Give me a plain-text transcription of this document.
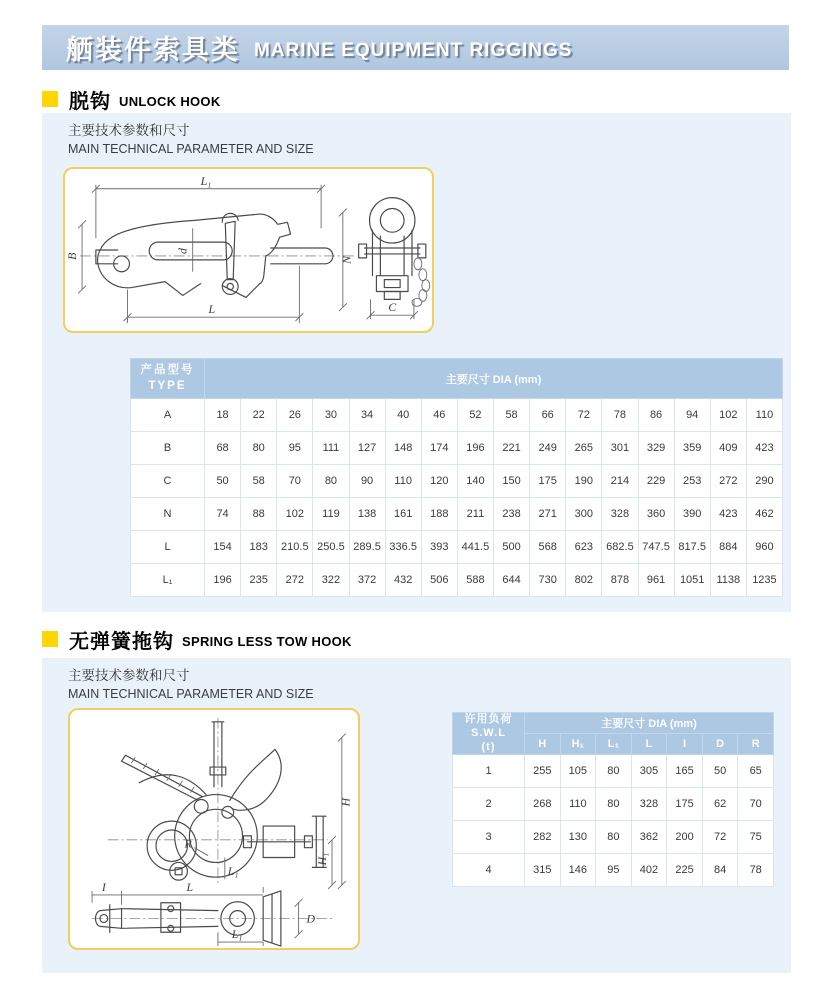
舾装件索具类 MARINE EQUIPMENT RIGGINGS
脱钩 UNLOCK HOOK
主要技术参数和尺寸
MAIN TECHNICAL PARAMETER AND SIZE
L₁
B
d
N
L	C
产品型号
TYPE	主要尺寸 DIA (mm)															
A	18	22	26	30	34	40	46	52	58	66	72	78	86	94	102	110
B	68	80	95	111	127	148	174	196	221	249	265	301	329	359	409	423
C	50	58	70	80	90	110	120	140	150	175	190	214	229	253	272	290
N	74	88	102	119	138	161	188	211	238	271	300	328	360	390	423	462
L	154	183	210.5	250.5	289.5	336.5	393	441.5	500	568	623	682.5	747.5	817.5	884	960
L₁	196	235	272	322	372	432	506	588	644	730	802	878	961	1051	1138	1235
无弹簧拖钩 SPRING LESS TOW HOOK
主要技术参数和尺寸
MAIN TECHNICAL PARAMETER AND SIZE
H
H₁
R
L₁
I	L
D
L₁
许用负荷
S.W.L
(t)	主要尺寸 DIA (mm)						
	H	H₁	L₁	L	I	D	R
1	255	105	80	305	165	50	65
2	268	110	80	328	175	62	70
3	282	130	80	362	200	72	75
4	315	146	95	402	225	84	78
